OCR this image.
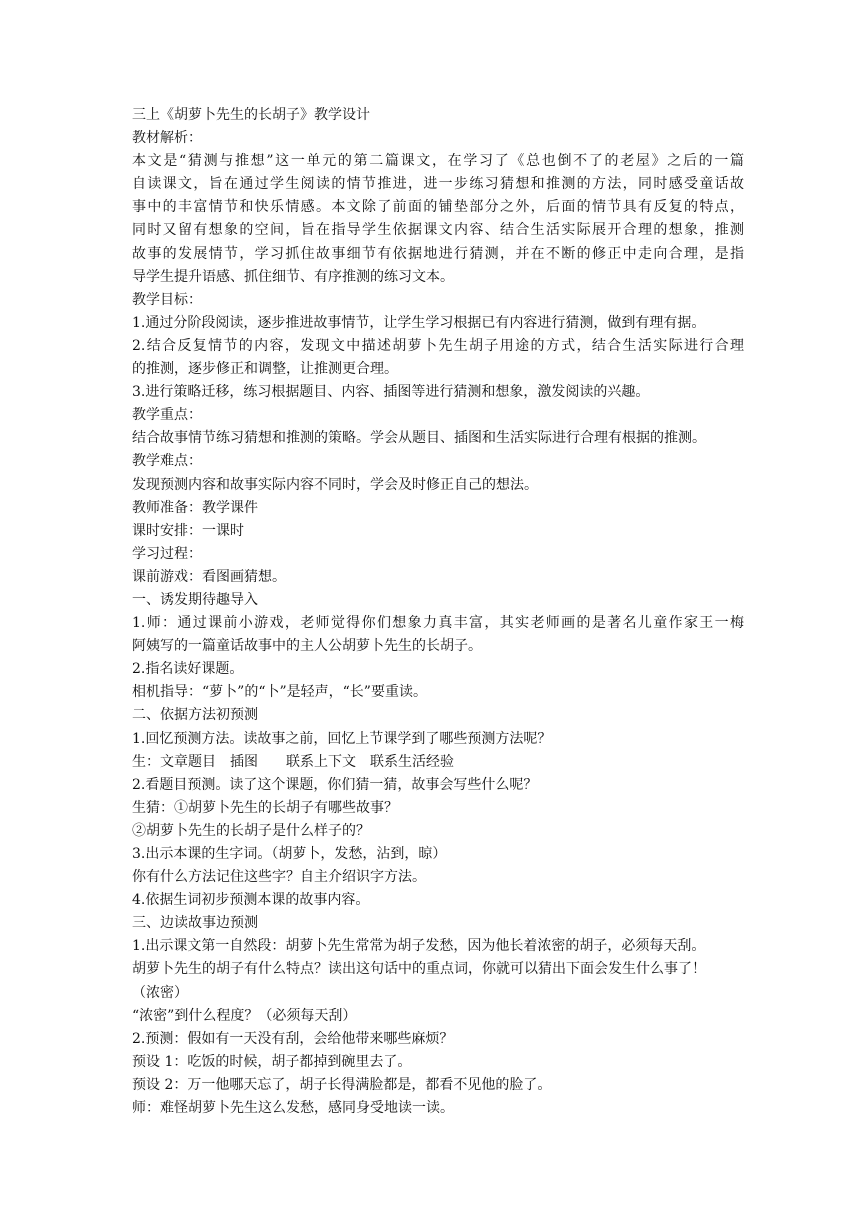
三上《胡萝卜先生的长胡子》教学设计
教材解析：
本文是“猜测与推想”这一单元的第二篇课文，在学习了《总也倒不了的老屋》之后的一篇
自读课文，旨在通过学生阅读的情节推进，进一步练习猜想和推测的方法，同时感受童话故
事中的丰富情节和快乐情感。本文除了前面的铺垫部分之外，后面的情节具有反复的特点，
同时又留有想象的空间，旨在指导学生依据课文内容、结合生活实际展开合理的想象，推测
故事的发展情节，学习抓住故事细节有依据地进行猜测，并在不断的修正中走向合理，是指
导学生提升语感、抓住细节、有序推测的练习文本。
教学目标：
1.通过分阶段阅读，逐步推进故事情节，让学生学习根据已有内容进行猜测，做到有理有据。
2.结合反复情节的内容，发现文中描述胡萝卜先生胡子用途的方式，结合生活实际进行合理
的推测，逐步修正和调整，让推测更合理。
3.进行策略迁移，练习根据题目、内容、插图等进行猜测和想象，激发阅读的兴趣。
教学重点：
结合故事情节练习猜想和推测的策略。学会从题目、插图和生活实际进行合理有根据的推测。
教学难点：
发现预测内容和故事实际内容不同时，学会及时修正自己的想法。
教师准备：教学课件
课时安排：一课时
学习过程：
课前游戏：看图画猜想。
一、诱发期待趣导入
1.师：通过课前小游戏，老师觉得你们想象力真丰富，其实老师画的是著名儿童作家王一梅
阿姨写的一篇童话故事中的主人公胡萝卜先生的长胡子。
2.指名读好课题。
相机指导：“萝卜”的“卜”是轻声，“长”要重读。
二、依据方法初预测
1.回忆预测方法。读故事之前，回忆上节课学到了哪些预测方法呢？
生：文章题目　插图　　联系上下文　联系生活经验
2.看题目预测。读了这个课题，你们猜一猜，故事会写些什么呢？
生猜：①胡萝卜先生的长胡子有哪些故事？
②胡萝卜先生的长胡子是什么样子的？
3.出示本课的生字词。（胡萝卜，发愁，沾到，晾）
你有什么方法记住这些字？自主介绍识字方法。
4.依据生词初步预测本课的故事内容。
三、边读故事边预测
1.出示课文第一自然段：胡萝卜先生常常为胡子发愁，因为他长着浓密的胡子，必须每天刮。
胡萝卜先生的胡子有什么特点？读出这句话中的重点词，你就可以猜出下面会发生什么事了！
（浓密）
“浓密”到什么程度？（必须每天刮）
2.预测：假如有一天没有刮，会给他带来哪些麻烦？
预设 1：吃饭的时候，胡子都掉到碗里去了。
预设 2：万一他哪天忘了，胡子长得满脸都是，都看不见他的脸了。
师：难怪胡萝卜先生这么发愁，感同身受地读一读。
